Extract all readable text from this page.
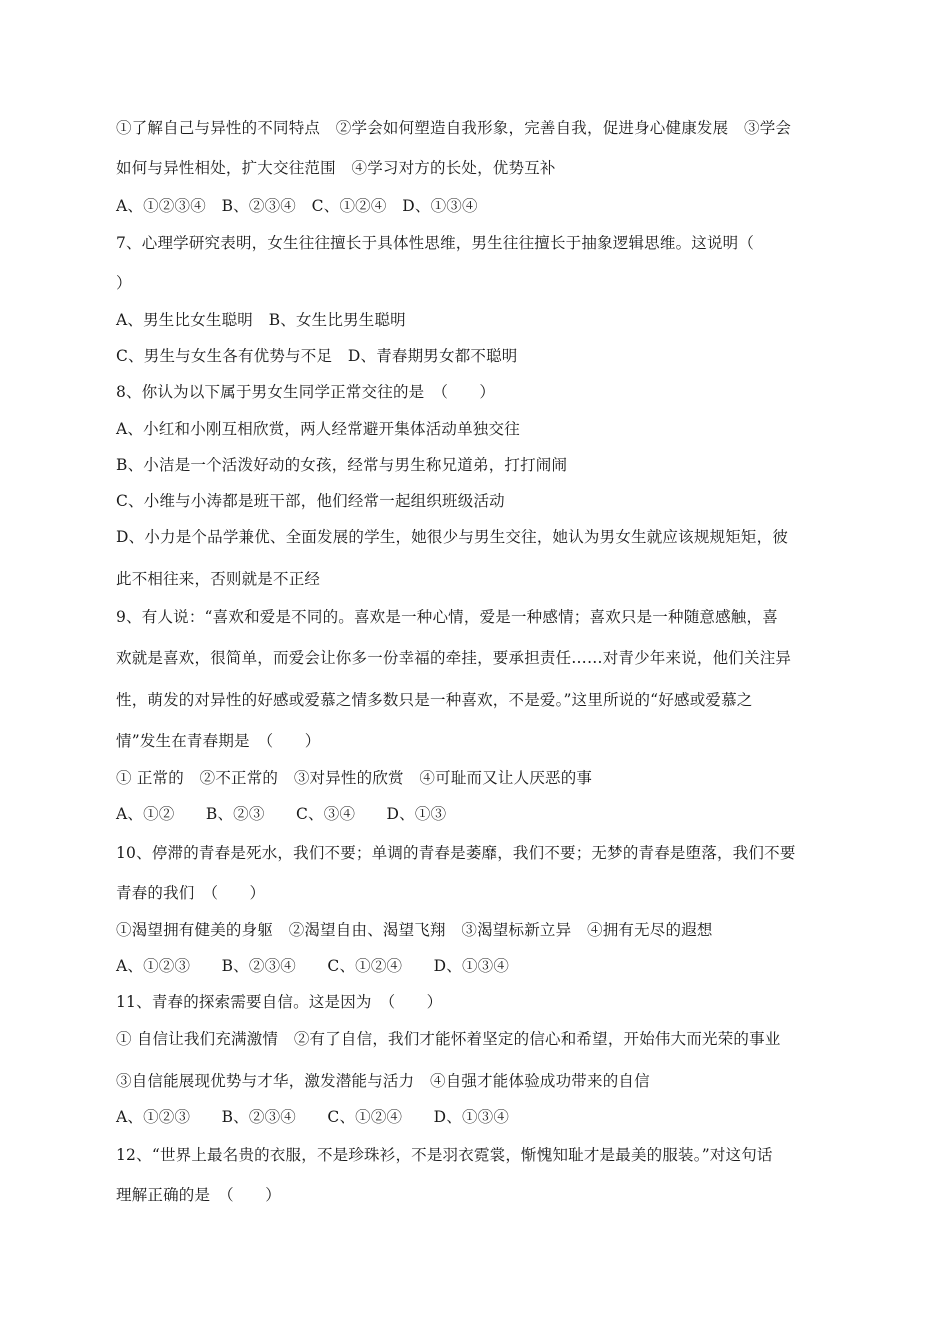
①了解自己与异性的不同特点　②学会如何塑造自我形象，完善自我，促进身心健康发展　③学会
如何与异性相处，扩大交往范围　④学习对方的长处，优势互补
A、①②③④　B、②③④　C、①②④　D、①③④
7、心理学研究表明，女生往往擅长于具体性思维，男生往往擅长于抽象逻辑思维。这说明（
）
A、男生比女生聪明　B、女生比男生聪明
C、男生与女生各有优势与不足　D、青春期男女都不聪明
8、你认为以下属于男女生同学正常交往的是　（　　）
A、小红和小刚互相欣赏，两人经常避开集体活动单独交往
B、小洁是一个活泼好动的女孩，经常与男生称兄道弟，打打闹闹
C、小维与小涛都是班干部，他们经常一起组织班级活动
D、小力是个品学兼优、全面发展的学生，她很少与男生交往，她认为男女生就应该规规矩矩，彼
此不相往来，否则就是不正经
9、有人说：“喜欢和爱是不同的。喜欢是一种心情，爱是一种感情；喜欢只是一种随意感触，喜
欢就是喜欢，很简单，而爱会让你多一份幸福的牵挂，要承担责任……对青少年来说，他们关注异
性，萌发的对异性的好感或爱慕之情多数只是一种喜欢，不是爱。”这里所说的“好感或爱慕之
情”发生在青春期是　（　　）
① 正常的　②不正常的　③对异性的欣赏　④可耻而又让人厌恶的事
A、①②　　B、②③　　C、③④　　D、①③
10、停滞的青春是死水，我们不要；单调的青春是萎靡，我们不要；无梦的青春是堕落，我们不要
青春的我们　（　　）
①渴望拥有健美的身躯　②渴望自由、渴望飞翔　③渴望标新立异　④拥有无尽的遐想
A、①②③　　B、②③④　　C、①②④　　D、①③④
11、青春的探索需要自信。这是因为　（　　）
① 自信让我们充满激情　②有了自信，我们才能怀着坚定的信心和希望，开始伟大而光荣的事业
③自信能展现优势与才华，激发潜能与活力　④自强才能体验成功带来的自信
A、①②③　　B、②③④　　C、①②④　　D、①③④
12、“世界上最名贵的衣服，不是珍珠衫，不是羽衣霓裳，惭愧知耻才是最美的服装。”对这句话
理解正确的是　（　　）
